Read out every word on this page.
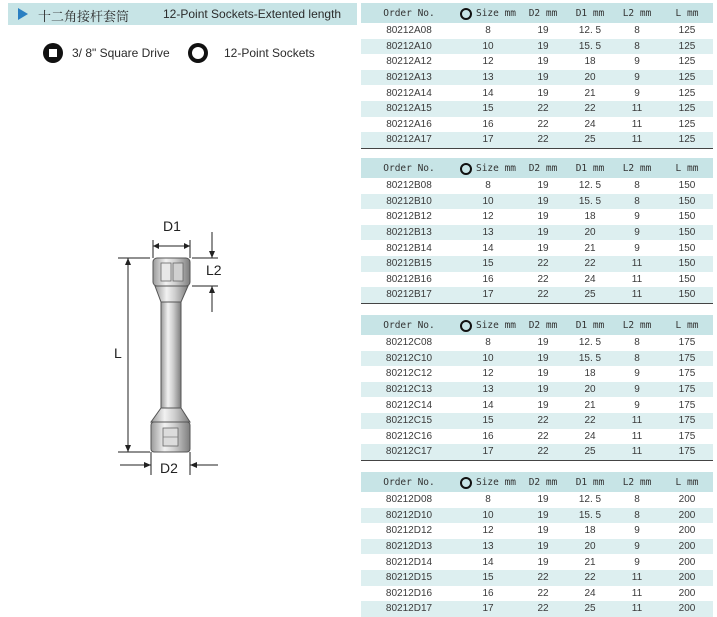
十二角接杆套筒	12-Point Sockets-Extented length
3/ 8" Square Drive	12-Point Sockets
D1
L2
L
D2
Order No.	Size mm	D2 mm	D1 mm	L2 mm	L mm
80212A08	8	19	12. 5	8	125
80212A10	10	19	15. 5	8	125
80212A12	12	19	18	9	125
80212A13	13	19	20	9	125
80212A14	14	19	21	9	125
80212A15	15	22	22	11	125
80212A16	16	22	24	11	125
80212A17	17	22	25	11	125
Order No.	Size mm	D2 mm	D1 mm	L2 mm	L mm
80212B08	8	19	12. 5	8	150
80212B10	10	19	15. 5	8	150
80212B12	12	19	18	9	150
80212B13	13	19	20	9	150
80212B14	14	19	21	9	150
80212B15	15	22	22	11	150
80212B16	16	22	24	11	150
80212B17	17	22	25	11	150
Order No.	Size mm	D2 mm	D1 mm	L2 mm	L mm
80212C08	8	19	12. 5	8	175
80212C10	10	19	15. 5	8	175
80212C12	12	19	18	9	175
80212C13	13	19	20	9	175
80212C14	14	19	21	9	175
80212C15	15	22	22	11	175
80212C16	16	22	24	11	175
80212C17	17	22	25	11	175
Order No.	Size mm	D2 mm	D1 mm	L2 mm	L mm
80212D08	8	19	12. 5	8	200
80212D10	10	19	15. 5	8	200
80212D12	12	19	18	9	200
80212D13	13	19	20	9	200
80212D14	14	19	21	9	200
80212D15	15	22	22	11	200
80212D16	16	22	24	11	200
80212D17	17	22	25	11	200
